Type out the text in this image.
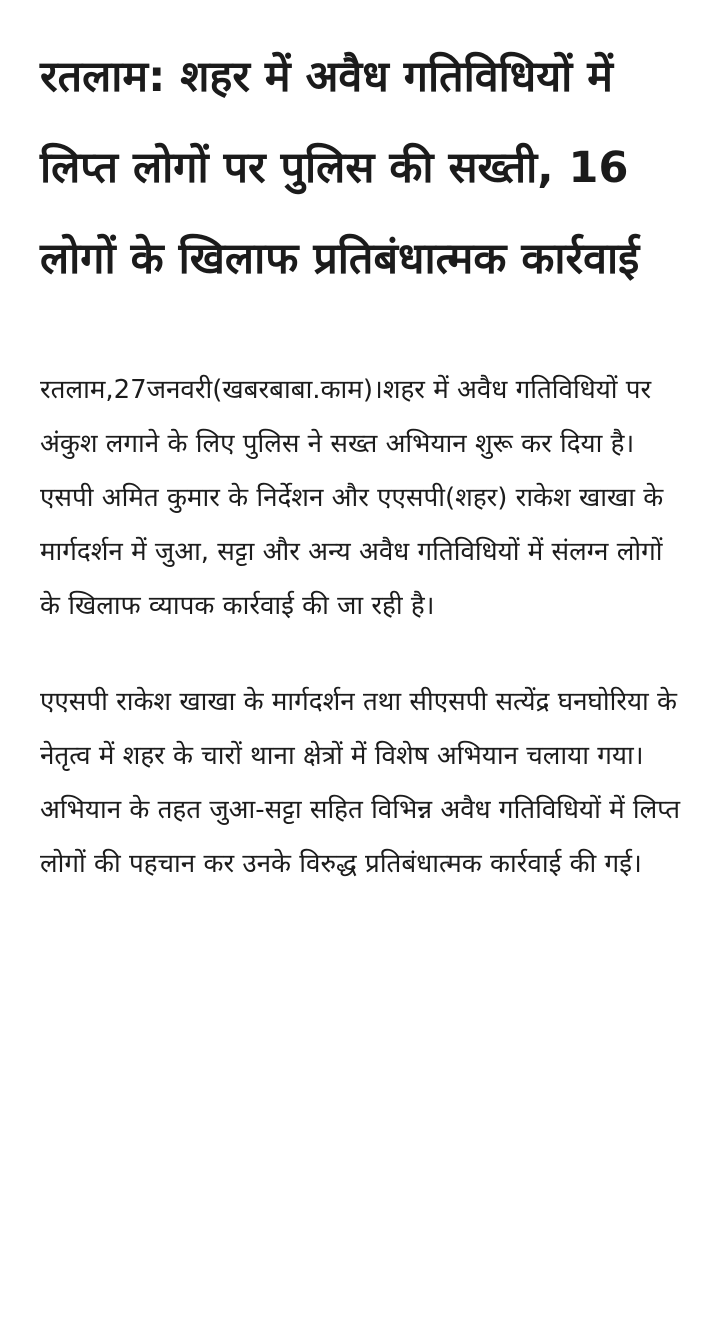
रतलाम: शहर में अवैध गतिविधियों में लिप्त लोगों पर पुलिस की सख्ती, 16 लोगों के खिलाफ प्रतिबंधात्मक कार्रवाई

रतलाम,27जनवरी(खबरबाबा.काम)।शहर में अवैध गतिविधियों पर अंकुश लगाने के लिए पुलिस ने सख्त अभियान शुरू कर दिया है। एसपी अमित कुमार के निर्देशन और एएसपी(शहर) राकेश खाखा के मार्गदर्शन में जुआ, सट्टा और अन्य अवैध गतिविधियों में संलग्न लोगों के खिलाफ व्यापक कार्रवाई की जा रही है।

एएसपी राकेश खाखा के मार्गदर्शन तथा सीएसपी सत्येंद्र घनघोरिया के नेतृत्व में शहर के चारों थाना क्षेत्रों में विशेष अभियान चलाया गया। अभियान के तहत जुआ-सट्टा सहित विभिन्न अवैध गतिविधियों में लिप्त लोगों की पहचान कर उनके विरुद्ध प्रतिबंधात्मक कार्रवाई की गई।
